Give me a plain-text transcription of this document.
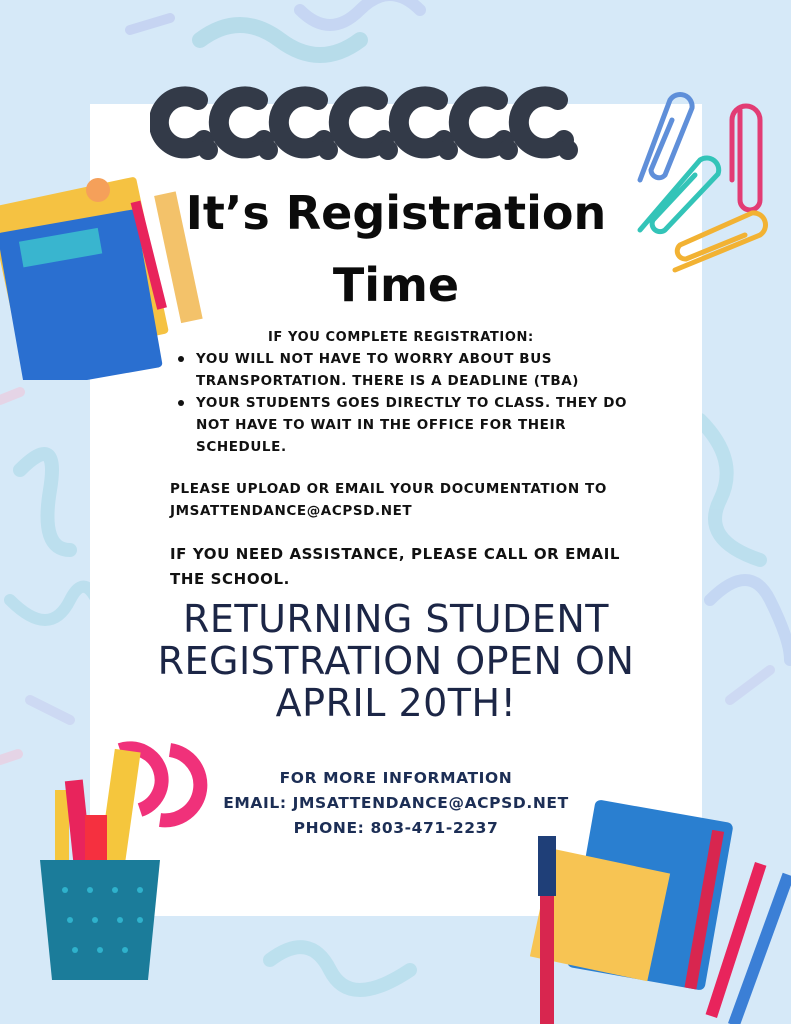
It’s Registration
Time
IF YOU COMPLETE REGISTRATION:
YOU WILL NOT HAVE TO WORRY ABOUT BUS TRANSPORTATION. THERE IS A DEADLINE (TBA)
YOUR STUDENTS GOES DIRECTLY TO CLASS. THEY DO NOT HAVE TO WAIT IN THE OFFICE FOR THEIR SCHEDULE.
PLEASE UPLOAD OR EMAIL YOUR DOCUMENTATION TO JMSATTENDANCE@ACPSD.NET
IF YOU NEED ASSISTANCE, PLEASE CALL OR EMAIL THE SCHOOL.
RETURNING STUDENT
REGISTRATION OPEN ON
APRIL 20TH!
FOR MORE INFORMATION
EMAIL: JMSATTENDANCE@ACPSD.NET
PHONE: 803-471-2237
